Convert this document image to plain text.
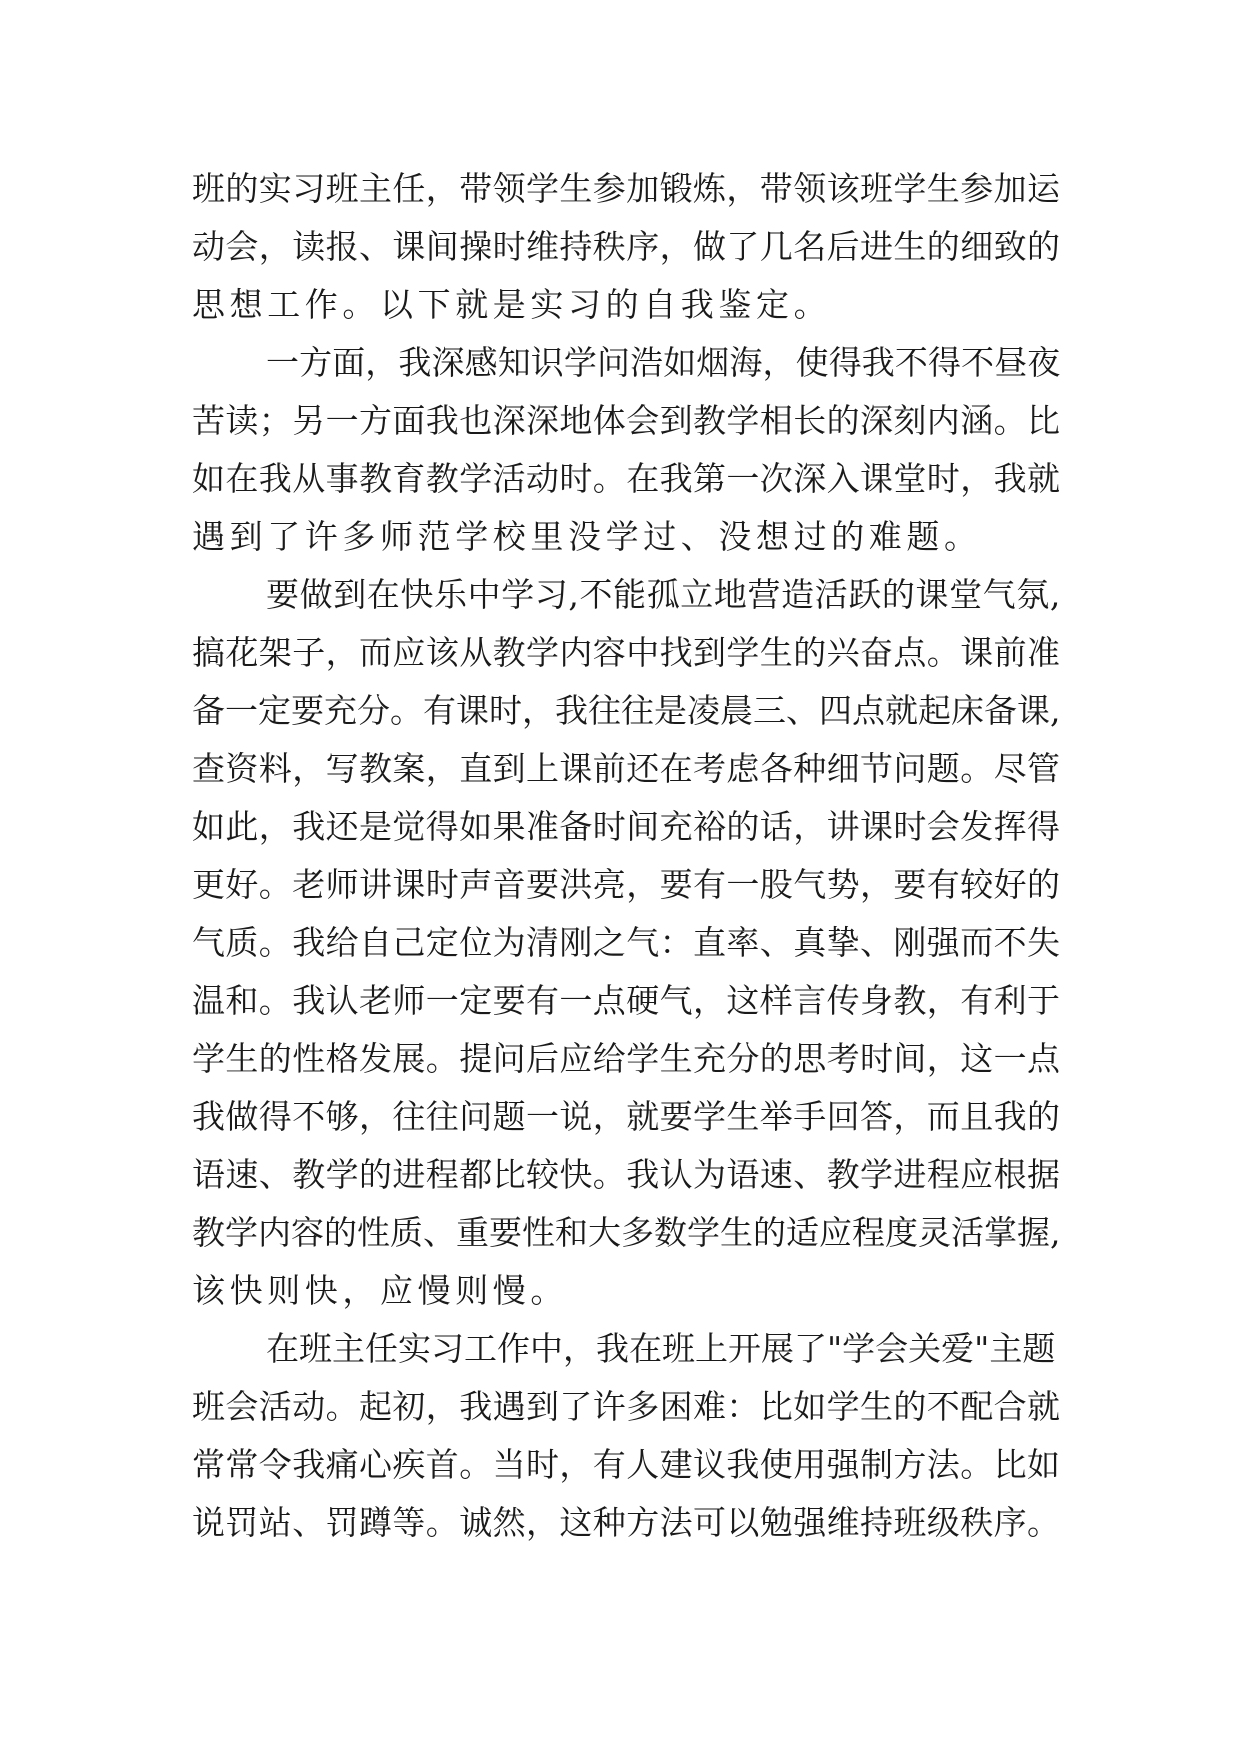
班的实习班主任，带领学生参加锻炼，带领该班学生参加运
动会，读报、课间操时维持秩序，做了几名后进生的细致的
思想工作。以下就是实习的自我鉴定。

一方面，我深感知识学问浩如烟海，使得我不得不昼夜
苦读；另一方面我也深深地体会到教学相长的深刻内涵。比
如在我从事教育教学活动时。在我第一次深入课堂时，我就
遇到了许多师范学校里没学过、没想过的难题。

要做到在快乐中学习,不能孤立地营造活跃的课堂气氛,
搞花架子，而应该从教学内容中找到学生的兴奋点。课前准
备一定要充分。有课时，我往往是凌晨三、四点就起床备课,
查资料，写教案，直到上课前还在考虑各种细节问题。尽管
如此，我还是觉得如果准备时间充裕的话，讲课时会发挥得
更好。老师讲课时声音要洪亮，要有一股气势，要有较好的
气质。我给自己定位为清刚之气：直率、真挚、刚强而不失
温和。我认老师一定要有一点硬气，这样言传身教，有利于
学生的性格发展。提问后应给学生充分的思考时间，这一点
我做得不够，往往问题一说，就要学生举手回答，而且我的
语速、教学的进程都比较快。我认为语速、教学进程应根据
教学内容的性质、重要性和大多数学生的适应程度灵活掌握,
该快则快，应慢则慢。

在班主任实习工作中，我在班上开展了"学会关爱"主题
班会活动。起初，我遇到了许多困难：比如学生的不配合就
常常令我痛心疾首。当时，有人建议我使用强制方法。比如
说罚站、罚蹲等。诚然，这种方法可以勉强维持班级秩序。
